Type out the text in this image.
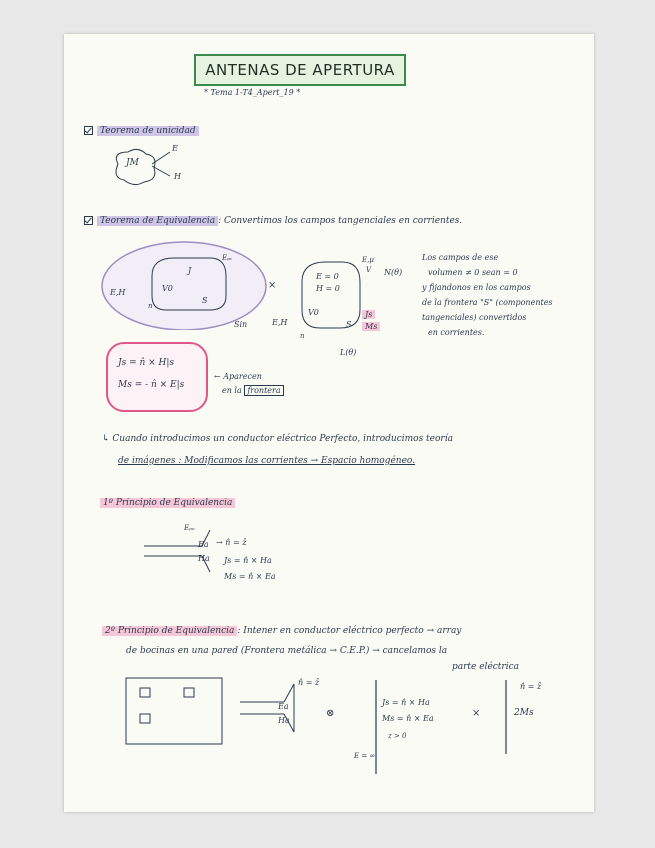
ANTENAS DE APERTURA
* Tema 1-T4_Apert_19 *
Teorema de unicidad
JM
E
H
Teorema de Equivalencia : Convertimos los campos tangenciales en corrientes.
E,H
J
V0
S
n
Eₚᵥ
×
E,μ
V N(θ)
E = 0
H = 0
V0
S
Sin	E,H
Js
Ms
n
L(θ)
Los campos de ese
volumen ≠ 0 sean = 0
y fijandonos en los campos
de la frontera "S" (componentes
tangenciales) convertidos
en corrientes.
Js = n̂ × H|s
Ms = - n̂ × E|s
← Aparecen
en la frontera
↳ Cuando introducimos un conductor eléctrico Perfecto, introducimos teoría
de imágenes : Modificamos las corrientes → Espacio homogéneo.
1º Principio de Equivalencia
Eₚₒ
Ea
Ha
→ n̂ = ẑ
Js = n̂ × Ha
Ms = n̂ × Ea
2º Principio de Equivalencia : Intener en conductor eléctrico perfecto → array
de bocinas en una pared (Frontera metálica → C.E.P.) → cancelamos la
parte eléctrica
n̂ = ẑ
Ea
Ha
⊗
Js = n̂ × Ha
Ms = n̂ × Ea
z > 0
×
n̂ = ẑ
2Ms
E = ∞
